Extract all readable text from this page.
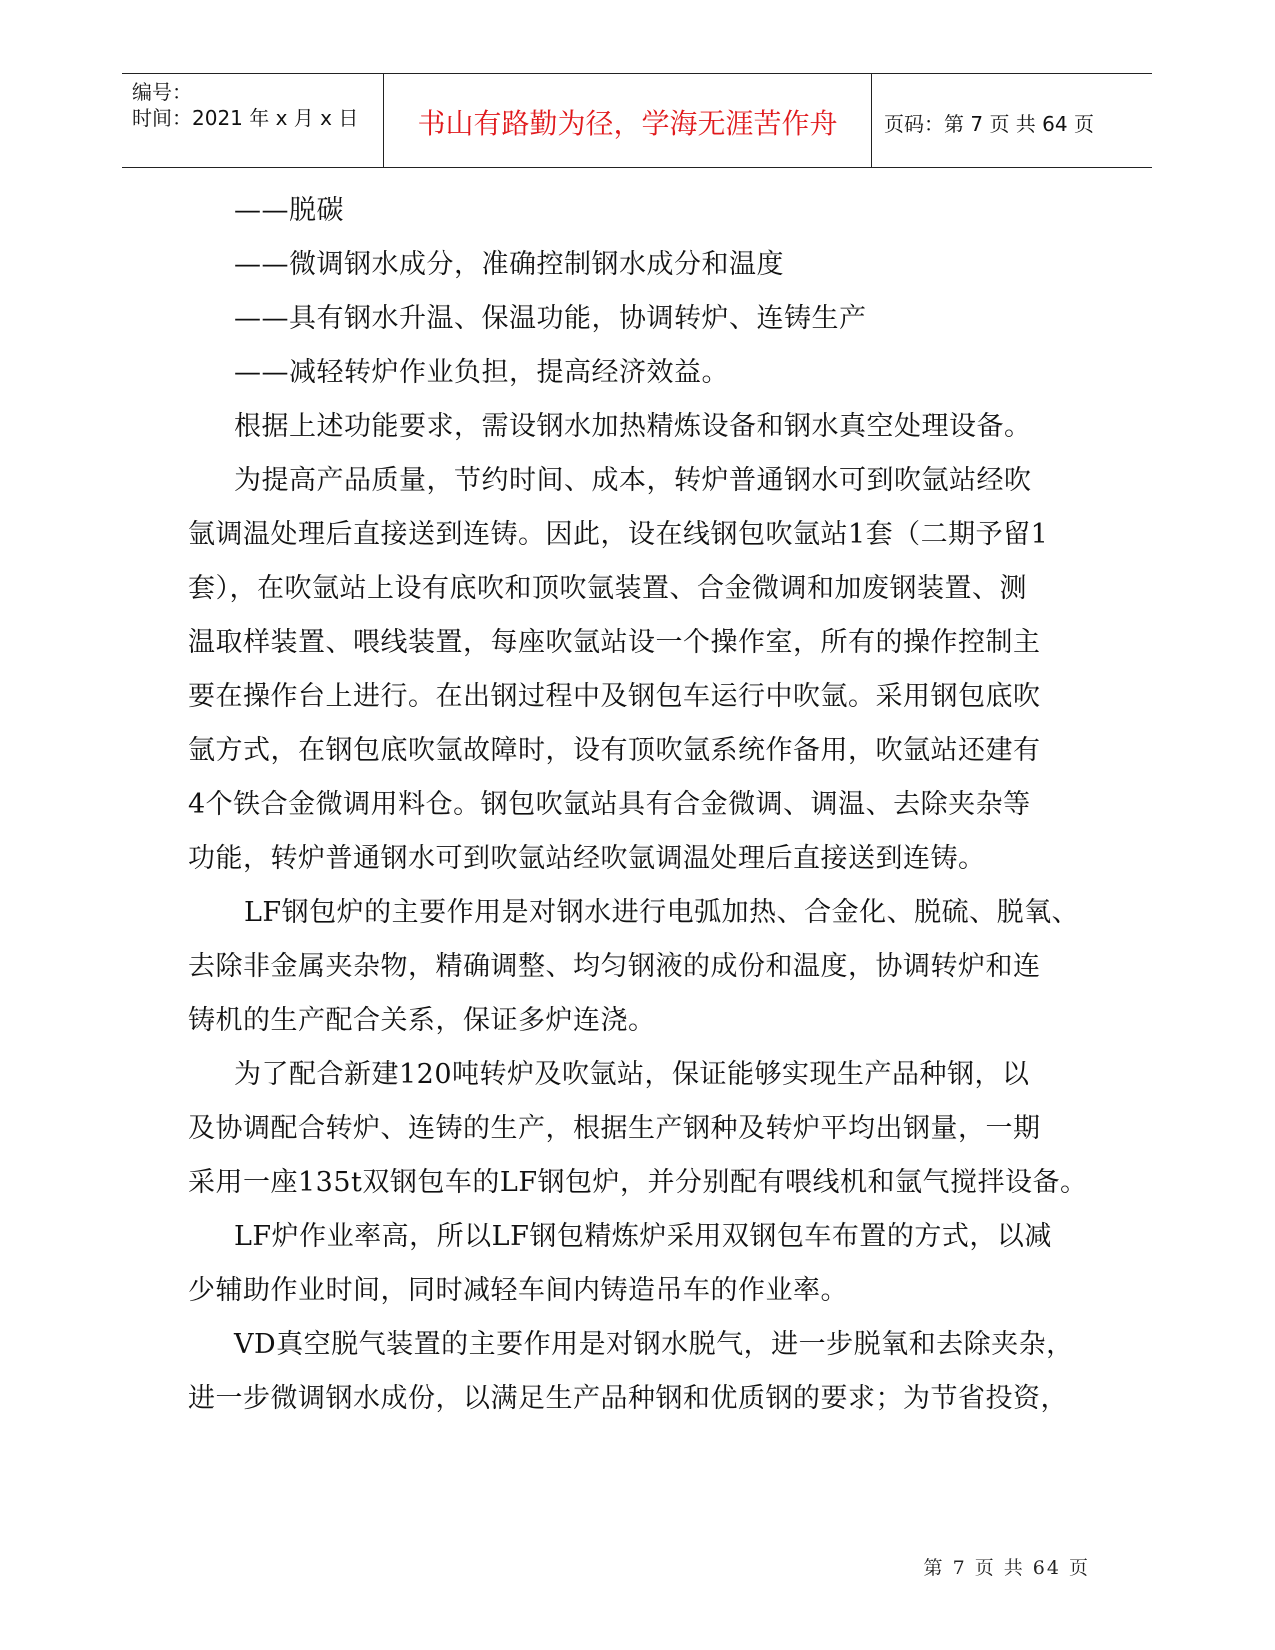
编号：
时间：2021 年 x 月 x 日	书山有路勤为径，学海无涯苦作舟	页码：第 7 页 共 64 页
——脱碳
——微调钢水成分，准确控制钢水成分和温度
——具有钢水升温、保温功能，协调转炉、连铸生产
——减轻转炉作业负担，提高经济效益。
根据上述功能要求，需设钢水加热精炼设备和钢水真空处理设备。
为提高产品质量，节约时间、成本，转炉普通钢水可到吹氩站经吹
氩调温处理后直接送到连铸。因此，设在线钢包吹氩站1套（二期予留1
套），在吹氩站上设有底吹和顶吹氩装置、合金微调和加废钢装置、测
温取样装置、喂线装置，每座吹氩站设一个操作室，所有的操作控制主
要在操作台上进行。在出钢过程中及钢包车运行中吹氩。采用钢包底吹
氩方式，在钢包底吹氩故障时，设有顶吹氩系统作备用，吹氩站还建有
4个铁合金微调用料仓。钢包吹氩站具有合金微调、调温、去除夹杂等
功能，转炉普通钢水可到吹氩站经吹氩调温处理后直接送到连铸。
LF钢包炉的主要作用是对钢水进行电弧加热、合金化、脱硫、脱氧、
去除非金属夹杂物，精确调整、均匀钢液的成份和温度，协调转炉和连
铸机的生产配合关系，保证多炉连浇。
为了配合新建120吨转炉及吹氩站，保证能够实现生产品种钢，以
及协调配合转炉、连铸的生产，根据生产钢种及转炉平均出钢量，一期
采用一座135t双钢包车的LF钢包炉，并分别配有喂线机和氩气搅拌设备。
LF炉作业率高，所以LF钢包精炼炉采用双钢包车布置的方式，以减
少辅助作业时间，同时减轻车间内铸造吊车的作业率。
VD真空脱气装置的主要作用是对钢水脱气，进一步脱氧和去除夹杂，
进一步微调钢水成份，以满足生产品种钢和优质钢的要求；为节省投资，
第 7 页 共 64 页
